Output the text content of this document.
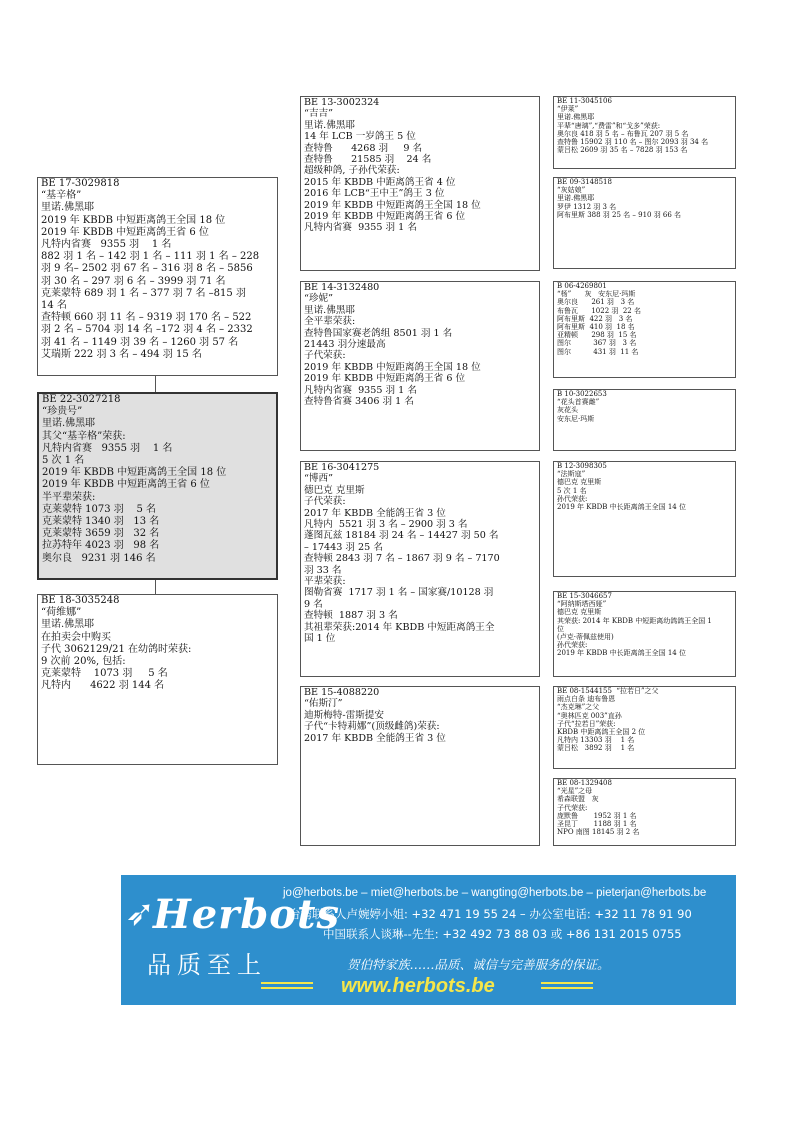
BE 17-3029818
“基辛格”
里诺.佛黑耶
2019 年 KBDB 中短距离鸽王全国 18 位
2019 年 KBDB 中短距离鸽王省 6 位
凡特内省赛   9355 羽    1 名
882 羽 1 名 – 142 羽 1 名 – 111 羽 1 名 – 228
羽 9 名– 2502 羽 67 名 – 316 羽 8 名 – 5856
羽 30 名 – 297 羽 6 名 – 3999 羽 71 名
克莱蒙特 689 羽 1 名 – 377 羽 7 名 –815 羽
14 名
查特顿 660 羽 11 名 – 9319 羽 170 名 – 522
羽 2 名 – 5704 羽 14 名 –172 羽 4 名 – 2332
羽 41 名 – 1149 羽 39 名 – 1260 羽 57 名
艾瑞斯 222 羽 3 名 – 494 羽 15 名
BE 22-3027218
“珍贵号”
里诺.佛黑耶
其父“基辛格”荣获:
凡特内省赛   9355 羽    1 名
5 次 1 名
2019 年 KBDB 中短距离鸽王全国 18 位
2019 年 KBDB 中短距离鸽王省 6 位
半平辈荣获:
克莱蒙特 1073 羽    5 名
克莱蒙特 1340 羽   13 名
克莱蒙特 3659 羽   32 名
拉苏特年 4023 羽   98 名
奥尔良   9231 羽 146 名
BE 18-3035248
“荷维娜”
里诺.佛黑耶
在拍卖会中购买
子代 3062129/21 在幼鸽时荣获:
9 次前 20%, 包括:
克莱蒙特    1073 羽     5 名
凡特内      4622 羽 144 名
BE 13-3002324
“吉吉”
里诺.佛黑耶
14 年 LCB 一岁鸽王 5 位
查特鲁      4268 羽     9 名
查特鲁      21585 羽    24 名
超级种鸽, 子孙代荣获:
2015 年 KBDB 中距离鸽王省 4 位
2016 年 LCB“王中王”鸽王 3 位
2019 年 KBDB 中短距离鸽王全国 18 位
2019 年 KBDB 中短距离鸽王省 6 位
凡特内省赛  9355 羽 1 名
BE 14-3132480
“珍妮”
里诺.佛黑耶
全平辈荣获:
查特鲁国家赛老鸽组 8501 羽 1 名
21443 羽分速最高
子代荣获:
2019 年 KBDB 中短距离鸽王全国 18 位
2019 年 KBDB 中短距离鸽王省 6 位
凡特内省赛  9355 羽 1 名
查特鲁省赛 3406 羽 1 名
BE 16-3041275
“博西”
德巴克 克里斯
子代荣获:
2017 年 KBDB 全能鸽王省 3 位
凡特内  5521 羽 3 名 – 2900 羽 3 名
蓬图瓦兹 18184 羽 24 名 – 14427 羽 50 名
– 17443 羽 25 名
查特顿 2843 羽 7 名 – 1867 羽 9 名 – 7170
羽 33 名
平辈荣获:
图勒省赛  1717 羽 1 名 – 国家赛/10128 羽
9 名
查特顿  1887 羽 3 名
其祖辈荣获:2014 年 KBDB 中短距离鸽王全
国 1 位
BE 15-4088220
“佑斯汀”
迪斯梅特-雷斯提安
子代“卡特莉娜”(顶级雌鸽)荣获:
2017 年 KBDB 全能鸽王省 3 位
BE 11-3045106
“伊莱”
里诺.佛黑耶
平辈“唐璃”,“费雷”和“戈多”荣获:
奥尔良 418 羽 5 名 – 布鲁瓦 207 羽 5 名
查特鲁 15902 羽 110 名 – 图尔 2093 羽 34 名
蒙吕松 2609 羽 35 名 – 7828 羽 153 名
BE 09-3148518
“灰姑娘”
里诺.佛黑耶
罗伊 1312 羽 3 名
阿布里斯 388 羽 25 名 – 910 羽 66 名
B 06-4269801
“杨”      灰   安东尼·玛斯
奥尔良      261 羽   3 名
布鲁瓦      1022 羽  22 名
阿布里斯  422 羽   3 名
阿布里斯  410 羽  18 名
亚精顿      298 羽  15 名
图尔          367 羽   3 名
图尔          431 羽  11 名
B 10-3022653
“花头首赛雌”
灰花头
安东尼·玛斯
B 12-3098305
“法斯寇”
德巴克 克里斯
5 次 1 名
孙代荣获:
2019 年 KBDB 中长距离鸽王全国 14 位
BE 15-3046657
“阿纳斯塔西娅”
德巴克 克里斯
其荣获: 2014 年 KBDB 中短距离幼鸽鸽王全国 1
位
(卢克·蒂佩兹使用)
孙代荣获:
2019 年 KBDB 中长距离鸽王全国 14 位
BE 08-1544155  “拉若日”之父
雨点白条 迪布鲁恩
“杰克琳”之父
“奥林匹克 003”直孙
子代“拉若日”荣获:
KBDB 中距离鸽王全国 2 位
凡特内 13303 羽    1 名
蒙吕松   3892 羽    1 名
BE 08-1329408
“光星”之母
希森联盟   灰
子代荣获:
庞默鲁       1952 羽 1 名
圣昆丁       1188 羽 1 名
NPO 南图 18145 羽 2 名
➶
Herbots
品质至上
jo@herbots.be – miet@herbots.be – wangting@herbots.be – pieterjan@herbots.be
台湾联系人卢婉婷小姐: +32 471 19 55 24 – 办公室电话: +32 11 78 91 90
中国联系人谈琳--先生: +32 492 73 88 03 或 +86 131 2015 0755
贺伯特家族……品质、诚信与完善服务的保证。
www.herbots.be
